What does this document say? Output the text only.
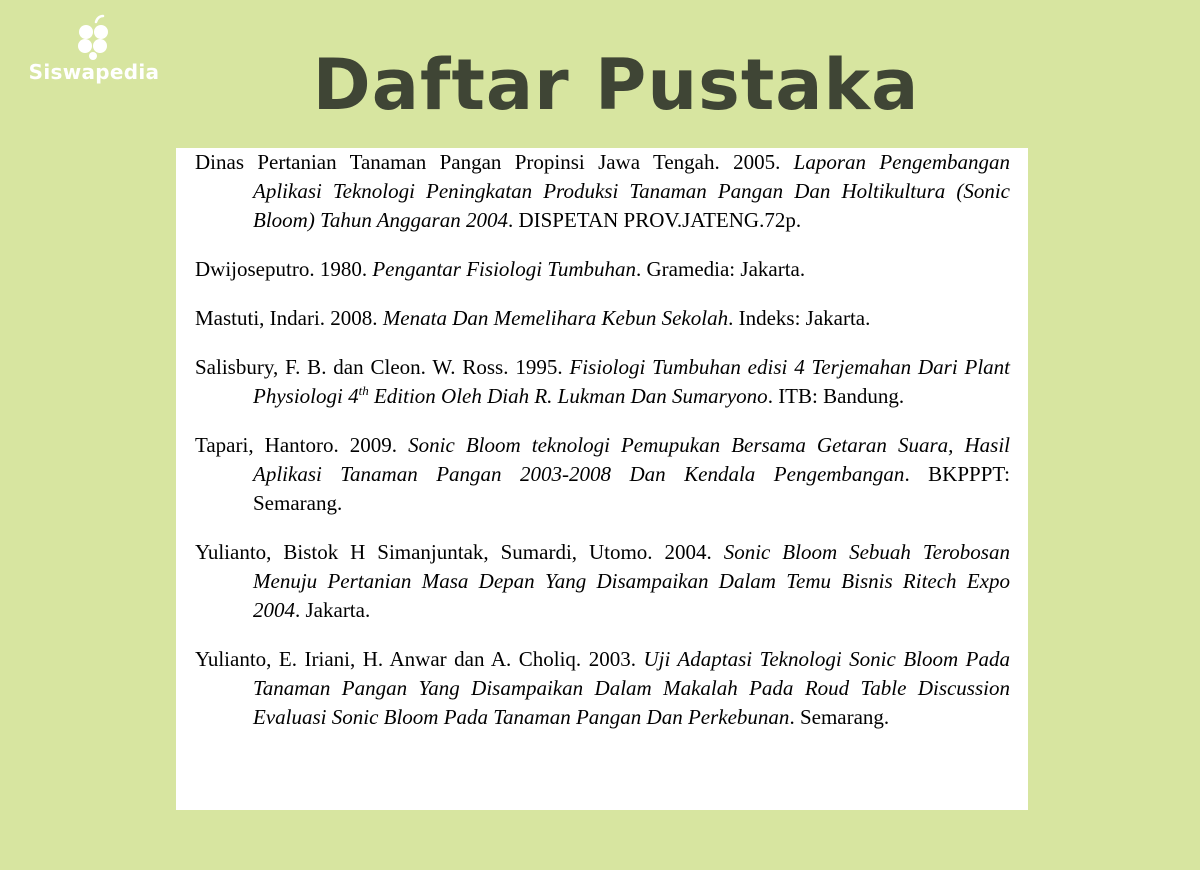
Siswapedia	Daftar Pustaka

Dinas Pertanian Tanaman Pangan Propinsi Jawa Tengah. 2005. Laporan Pengembangan Aplikasi Teknologi Peningkatan Produksi Tanaman Pangan Dan Holtikultura (Sonic Bloom) Tahun Anggaran 2004. DISPETAN PROV.JATENG.72p.

Dwijoseputro. 1980. Pengantar Fisiologi Tumbuhan. Gramedia: Jakarta.

Mastuti, Indari. 2008. Menata Dan Memelihara Kebun Sekolah. Indeks: Jakarta.

Salisbury, F. B. dan Cleon. W. Ross. 1995. Fisiologi Tumbuhan edisi 4 Terjemahan Dari Plant Physiologi 4th Edition Oleh Diah R. Lukman Dan Sumaryono. ITB: Bandung.

Tapari, Hantoro. 2009. Sonic Bloom teknologi Pemupukan Bersama Getaran Suara, Hasil Aplikasi Tanaman Pangan 2003-2008 Dan Kendala Pengembangan. BKPPPT: Semarang.

Yulianto, Bistok H Simanjuntak, Sumardi, Utomo. 2004. Sonic Bloom Sebuah Terobosan Menuju Pertanian Masa Depan Yang Disampaikan Dalam Temu Bisnis Ritech Expo 2004. Jakarta.

Yulianto, E. Iriani, H. Anwar dan A. Choliq. 2003. Uji Adaptasi Teknologi Sonic Bloom Pada Tanaman Pangan Yang Disampaikan Dalam Makalah Pada Roud Table Discussion Evaluasi Sonic Bloom Pada Tanaman Pangan Dan Perkebunan. Semarang.
